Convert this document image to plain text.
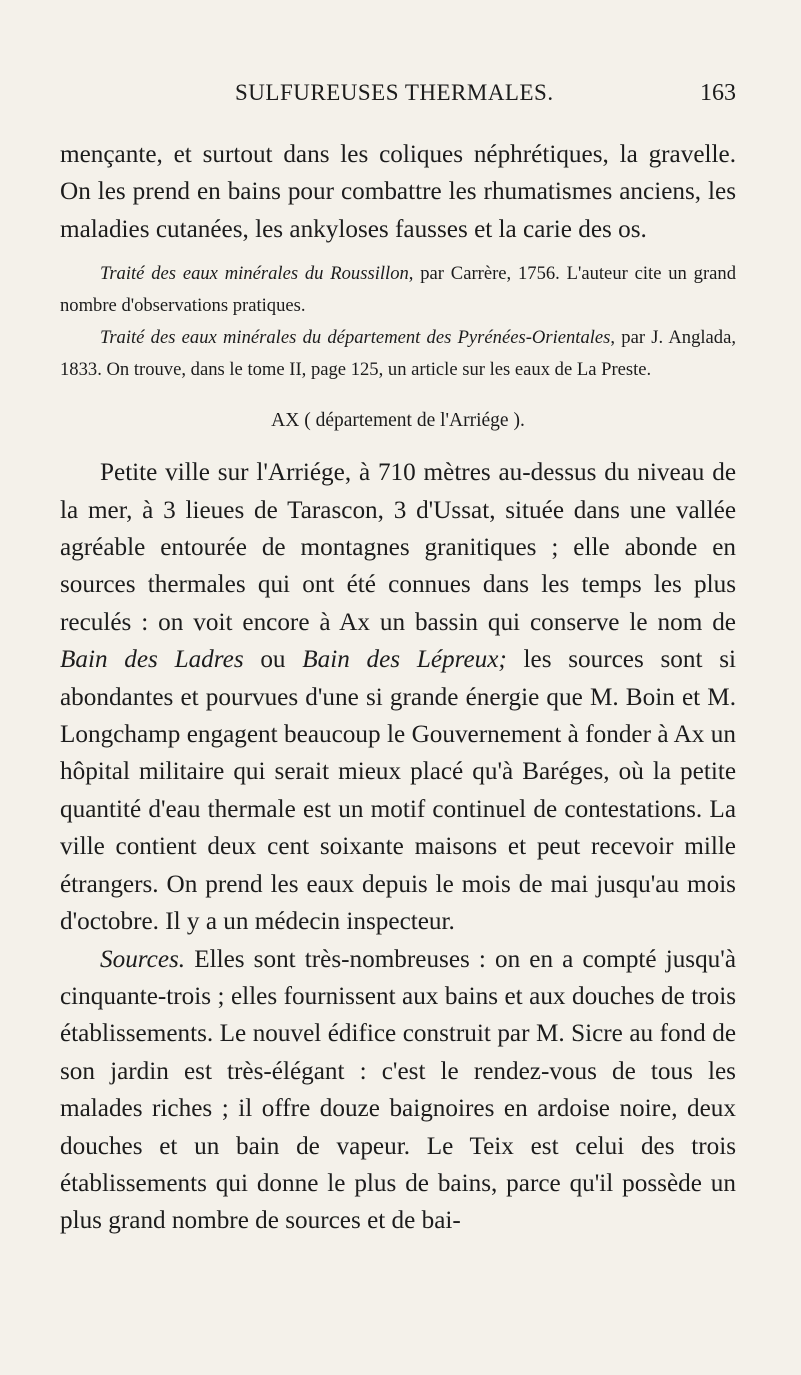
SULFUREUSES THERMALES.	163

mençante, et surtout dans les coliques néphrétiques, la gravelle. On les prend en bains pour combattre les rhumatismes anciens, les maladies cutanées, les ankyloses fausses et la carie des os.

Traité des eaux minérales du Roussillon, par Carrère, 1756. L'auteur cite un grand nombre d'observations pratiques.

Traité des eaux minérales du département des Pyrénées-Orientales, par J. Anglada, 1833. On trouve, dans le tome II, page 125, un article sur les eaux de La Preste.

AX ( département de l'Arriége ).

Petite ville sur l'Arriége, à 710 mètres au-dessus du niveau de la mer, à 3 lieues de Tarascon, 3 d'Ussat, située dans une vallée agréable entourée de montagnes granitiques ; elle abonde en sources thermales qui ont été connues dans les temps les plus reculés : on voit encore à Ax un bassin qui conserve le nom de Bain des Ladres ou Bain des Lépreux; les sources sont si abondantes et pourvues d'une si grande énergie que M. Boin et M. Longchamp engagent beaucoup le Gouvernement à fonder à Ax un hôpital militaire qui serait mieux placé qu'à Baréges, où la petite quantité d'eau thermale est un motif continuel de contestations. La ville contient deux cent soixante maisons et peut recevoir mille étrangers. On prend les eaux depuis le mois de mai jusqu'au mois d'octobre. Il y a un médecin inspecteur.

Sources. Elles sont très-nombreuses : on en a compté jusqu'à cinquante-trois ; elles fournissent aux bains et aux douches de trois établissements. Le nouvel édifice construit par M. Sicre au fond de son jardin est très-élégant : c'est le rendez-vous de tous les malades riches ; il offre douze baignoires en ardoise noire, deux douches et un bain de vapeur. Le Teix est celui des trois établissements qui donne le plus de bains, parce qu'il possède un plus grand nombre de sources et de bai-
